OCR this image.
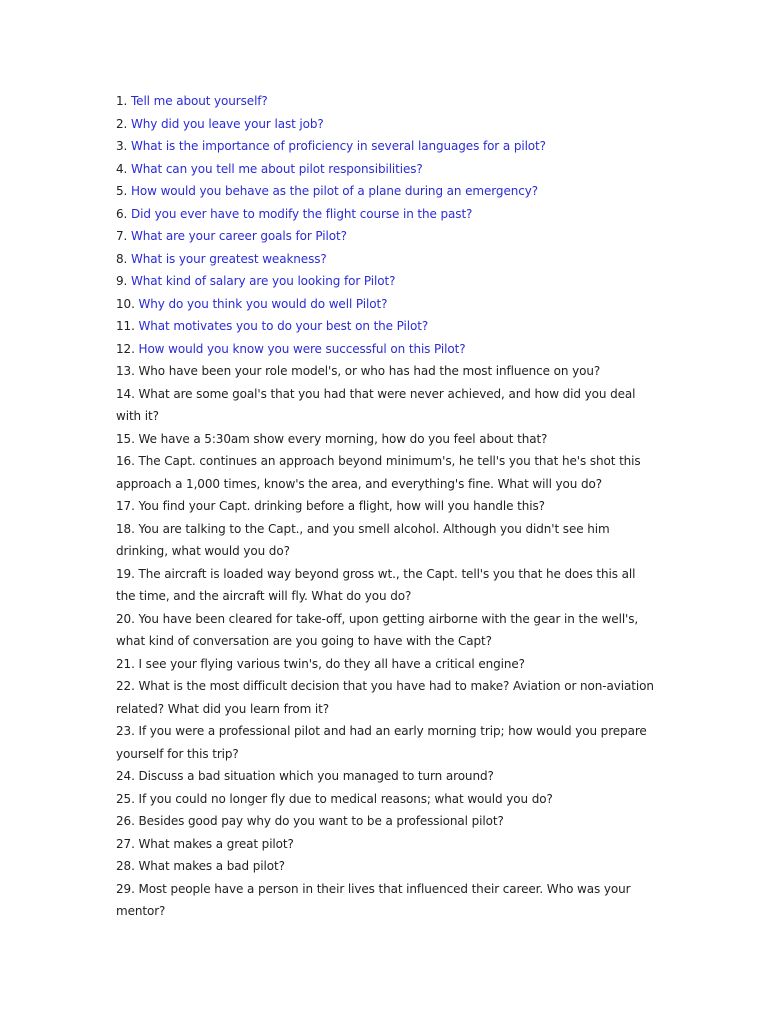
1. Tell me about yourself?

2. Why did you leave your last job?

3. What is the importance of proficiency in several languages for a pilot?

4. What can you tell me about pilot responsibilities?

5. How would you behave as the pilot of a plane during an emergency?

6. Did you ever have to modify the flight course in the past?

7. What are your career goals for Pilot?

8. What is your greatest weakness?

9. What kind of salary are you looking for Pilot?

10. Why do you think you would do well Pilot?

11. What motivates you to do your best on the Pilot?

12. How would you know you were successful on this Pilot?

13. Who have been your role model's, or who has had the most influence on you?

14. What are some goal's that you had that were never achieved, and how did you deal with it?

15. We have a 5:30am show every morning, how do you feel about that?

16. The Capt. continues an approach beyond minimum's, he tell's you that he's shot this approach a 1,000 times, know's the area, and everything's fine. What will you do?

17. You find your Capt. drinking before a flight, how will you handle this?

18. You are talking to the Capt., and you smell alcohol. Although you didn't see him drinking, what would you do?

19. The aircraft is loaded way beyond gross wt., the Capt. tell's you that he does this all the time, and the aircraft will fly. What do you do?

20. You have been cleared for take-off, upon getting airborne with the gear in the well's, what kind of conversation are you going to have with the Capt?

21. I see your flying various twin's, do they all have a critical engine?

22. What is the most difficult decision that you have had to make? Aviation or non-aviation related? What did you learn from it?

23. If you were a professional pilot and had an early morning trip; how would you prepare yourself for this trip?

24. Discuss a bad situation which you managed to turn around?

25. If you could no longer fly due to medical reasons; what would you do?

26. Besides good pay why do you want to be a professional pilot?

27. What makes a great pilot?

28. What makes a bad pilot?

29. Most people have a person in their lives that influenced their career. Who was your mentor?
